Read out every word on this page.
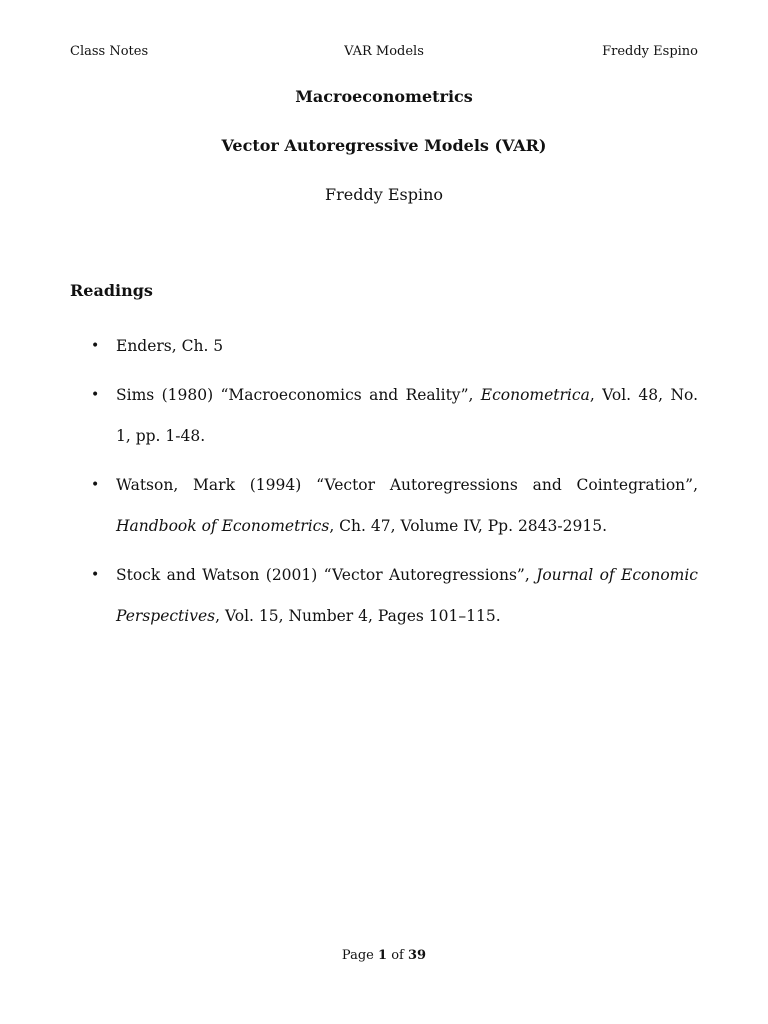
Class Notes	VAR Models	Freddy Espino
Macroeconometrics
Vector Autoregressive Models (VAR)
Freddy Espino
Readings
• Enders, Ch. 5
• Sims (1980) “Macroeconomics and Reality”, Econometrica, Vol. 48, No. 1, pp. 1-48.
• Watson, Mark (1994) “Vector Autoregressions and Cointegration”, Handbook of Econometrics, Ch. 47, Volume IV, Pp. 2843-2915.
• Stock and Watson (2001) “Vector Autoregressions”, Journal of Economic Perspectives, Vol. 15, Number 4, Pages 101–115.
Page 1 of 39
